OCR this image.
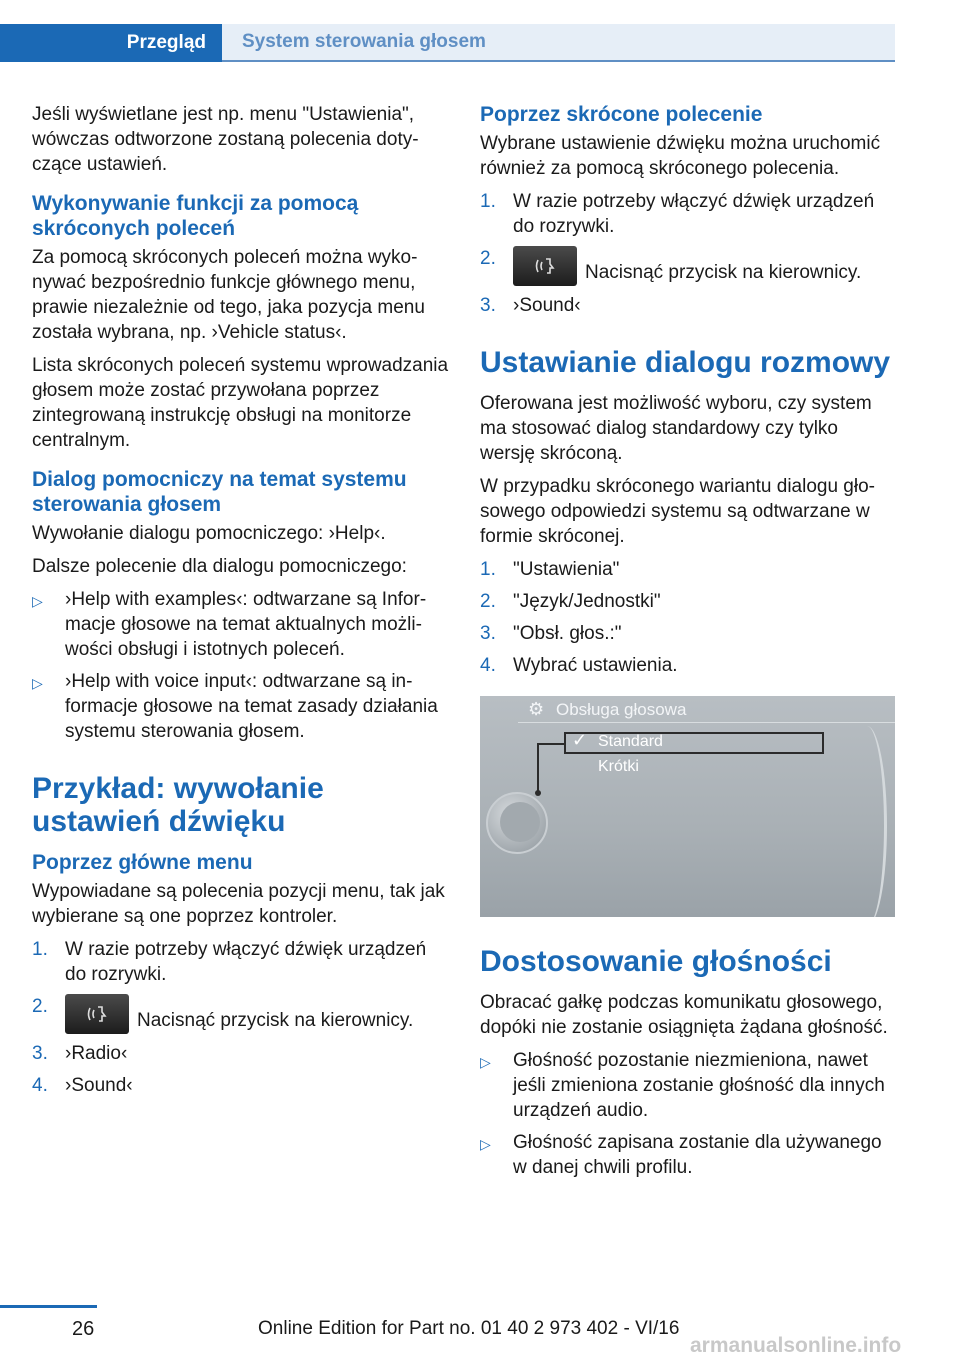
Przegląd	System sterowania głosem

Jeśli wyświetlane jest np. menu "Ustawienia", wówczas odtworzone zostaną polecenia dotyczące ustawień.

Wykonywanie funkcji za pomocą skróconych poleceń

Za pomocą skróconych poleceń można wykonywać bezpośrednio funkcje głównego menu, prawie niezależnie od tego, jaka pozycja menu została wybrana, np. ›Vehicle status‹.

Lista skróconych poleceń systemu wprowadzania głosem może zostać przywołana poprzez zintegrowaną instrukcję obsługi na monitorze centralnym.

Dialog pomocniczy na temat systemu sterowania głosem

Wywołanie dialogu pomocniczego: ›Help‹.

Dalsze polecenie dla dialogu pomocniczego:

▷	›Help with examples‹: odtwarzane są Informacje głosowe na temat aktualnych możliwości obsługi i istotnych poleceń.
▷	›Help with voice input‹: odtwarzane są informacje głosowe na temat zasady działania systemu sterowania głosem.
Przykład: wywołanie ustawień dźwięku
Poprzez główne menu

Wypowiadane są polecenia pozycji menu, tak jak wybierane są one poprzez kontroler.

1. W razie potrzeby włączyć dźwięk urządzeń do rozrywki.
2.
Nacisnąć przycisk na kierownicy.
3. ›Radio‹
4. ›Sound‹
Poprzez skrócone polecenie

Wybrane ustawienie dźwięku można uruchomić również za pomocą skróconego polecenia.

1. W razie potrzeby włączyć dźwięk urządzeń do rozrywki.
2.
Nacisnąć przycisk na kierownicy.
3. ›Sound‹
Ustawianie dialogu rozmowy

Oferowana jest możliwość wyboru, czy system ma stosować dialog standardowy czy tylko wersję skróconą.

W przypadku skróconego wariantu dialogu głosowego odpowiedzi systemu są odtwarzane w formie skróconej.

1. "Ustawienia"
2. "Język/Jednostki"
3. "Obsł. głos.:"
4. Wybrać ustawienia.
⚙ Obsługa głosowa
✓ Standard
Krótki
Dostosowanie głośności

Obracać gałkę podczas komunikatu głosowego, dopóki nie zostanie osiągnięta żądana głośność.

▷	Głośność pozostanie niezmieniona, nawet jeśli zmieniona zostanie głośność dla innych urządzeń audio.
▷	Głośność zapisana zostanie dla używanego w danej chwili profilu.
26	Online Edition for Part no. 01 40 2 973 402 - VI/16
armanualsonline.info
